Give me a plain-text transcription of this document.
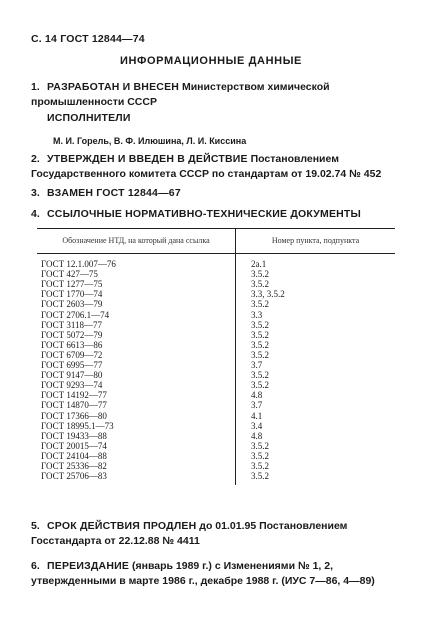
С. 14 ГОСТ 12844—74
ИНФОРМАЦИОННЫЕ ДАННЫЕ
1. РАЗРАБОТАН И ВНЕСЕН Министерством химической промышленности СССР
ИСПОЛНИТЕЛИ
М. И. Горель, В. Ф. Илюшина, Л. И. Киссина
2. УТВЕРЖДЕН И ВВЕДЕН В ДЕЙСТВИЕ Постановлением Государственного комитета СССР по стандартам от 19.02.74 № 452
3. ВЗАМЕН ГОСТ 12844—67
4. ССЫЛОЧНЫЕ НОРМАТИВНО-ТЕХНИЧЕСКИЕ ДОКУМЕНТЫ
Обозначение НТД, на который дана ссылка	Номер пункта, подпункта
ГОСТ 12.1.007—76	2а.1
ГОСТ 427—75	3.5.2
ГОСТ 1277—75	3.5.2
ГОСТ 1770—74	3.3, 3.5.2
ГОСТ 2603—79	3.5.2
ГОСТ 2706.1—74	3.3
ГОСТ 3118—77	3.5.2
ГОСТ 5072—79	3.5.2
ГОСТ 6613—86	3.5.2
ГОСТ 6709—72	3.5.2
ГОСТ 6995—77	3.7
ГОСТ 9147—80	3.5.2
ГОСТ 9293—74	3.5.2
ГОСТ 14192—77	4.8
ГОСТ 14870—77	3.7
ГОСТ 17366—80	4.1
ГОСТ 18995.1—73	3.4
ГОСТ 19433—88	4.8
ГОСТ 20015—74	3.5.2
ГОСТ 24104—88	3.5.2
ГОСТ 25336—82	3.5.2
ГОСТ 25706—83	3.5.2
5. СРОК ДЕЙСТВИЯ ПРОДЛЕН до 01.01.95 Постановлением Госстандарта от 22.12.88 № 4411
6. ПЕРЕИЗДАНИЕ (январь 1989 г.) с Изменениями № 1, 2, утвержденными в марте 1986 г., декабре 1988 г. (ИУС 7—86, 4—89)
